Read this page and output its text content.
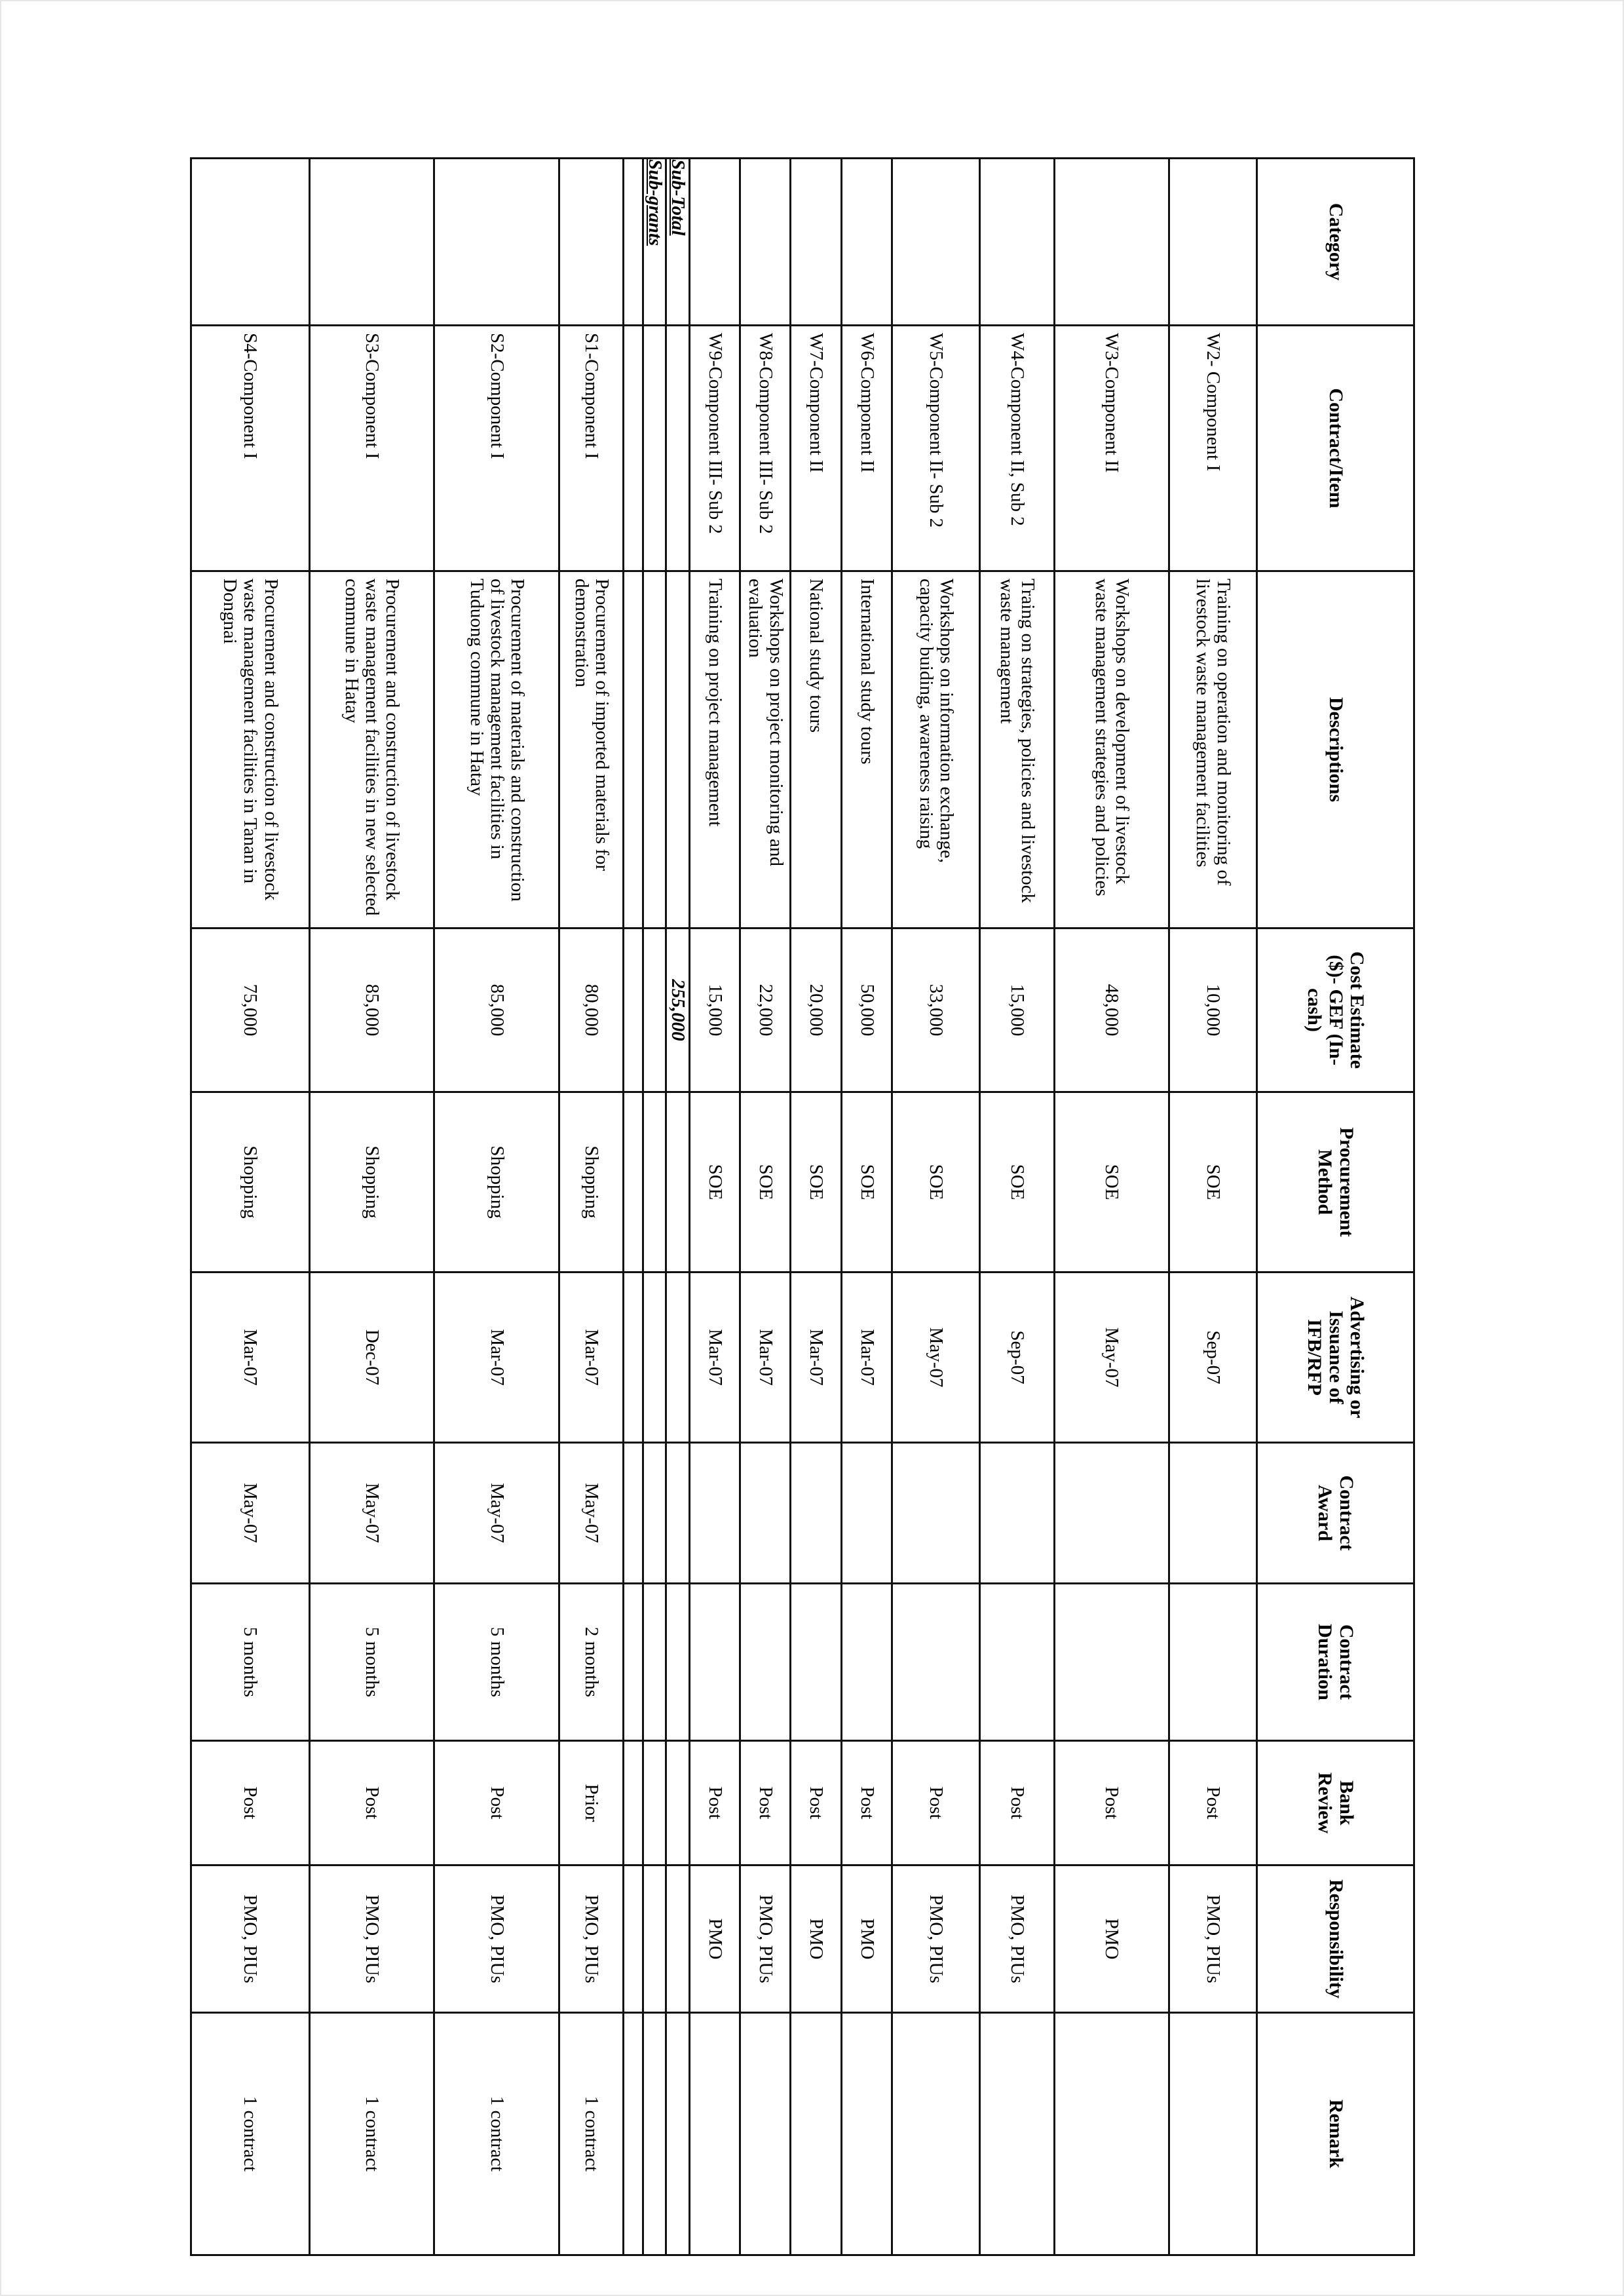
Category	Contract/Item	Descriptions	Cost Estimate ($)- GEF (In-cash)	Procurement Method	Advertising or Issuance of IFB/RFP	Contract Award	Contract Duration	Bank Review	Responsibility	Remark
	W2- Component I	Training on operation and monitoring of livestock waste management facilities	10,000	SOE	Sep-07			Post	PMO, PIUs	
	W3-Component II	Workshops on development of livestock waste management strategies and policies	48,000	SOE	May-07			Post	PMO	
	W4-Component II, Sub 2	Traing on strategies, policies and livestock waste management	15,000	SOE	Sep-07			Post	PMO, PIUs	
	W5-Component II- Sub 2	Workshops on information exchange, capacity buiding, awareness raising	33,000	SOE	May-07			Post	PMO, PIUs	
	W6-Component II	International study tours	50,000	SOE	Mar-07			Post	PMO	
	W7-Component II	National study tours	20,000	SOE	Mar-07			Post	PMO	
	W8-Component III- Sub 2	Workshops on project monitoring and evaluation	22,000	SOE	Mar-07			Post	PMO, PIUs	
	W9-Component III- Sub 2	Training on project management	15,000	SOE	Mar-07			Post	PMO	
Sub-Total			255,000							
Sub-grants										

	S1-Component I	Procurement of imported materials for demonstration	80,000	Shopping	Mar-07	May-07	2 months	Prior	PMO, PIUs	1 contract
	S2-Component I	Procurement of materials and construction of livestock management facilities in Tuduong commune in Hatay	85,000	Shopping	Mar-07	May-07	5 months	Post	PMO, PIUs	1 contract
	S3-Component I	Procurement and construction of livestock waste management facilities in new selected commune in Hatay	85,000	Shopping	Dec-07	May-07	5 months	Post	PMO, PIUs	1 contract
	S4-Component I	Procurement and construction of livestock waste management facilities in Tanan in Dongnai	75,000	Shopping	Mar-07	May-07	5 months	Post	PMO, PIUs	1 contract
